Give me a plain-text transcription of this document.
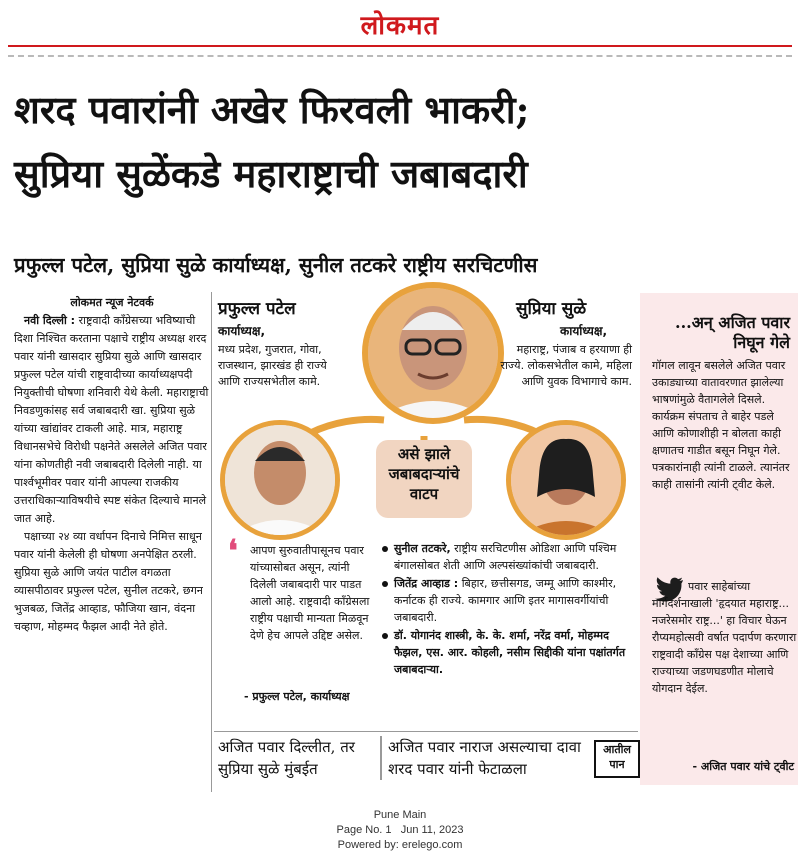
लोकमत
शरद पवारांनी अखेर फिरवली भाकरी;
सुप्रिया सुळेंकडे महाराष्ट्राची जबाबदारी
प्रफुल्ल पटेल, सुप्रिया सुळे कार्याध्यक्ष, सुनील तटकरे राष्ट्रीय सरचिटणीस
लोकमत न्यूज नेटवर्क

नवी दिल्ली : राष्ट्रवादी काँग्रेसच्या भविष्याची दिशा निश्चित करताना पक्षाचे राष्ट्रीय अध्यक्ष शरद पवार यांनी खासदार सुप्रिया सुळे आणि खासदार प्रफुल्ल पटेल यांची राष्ट्रवादीच्या कार्याध्यक्षपदी नियुक्तीची घोषणा शनिवारी येथे केली. महाराष्ट्राची निवडणुकांसह सर्व जबाबदारी खा. सुप्रिया सुळे यांच्या खांद्यांवर टाकली आहे. मात्र, महाराष्ट्र विधानसभेचे विरोधी पक्षनेते असलेले अजित पवार यांना कोणतीही नवी जबाबदारी दिलेली नाही. या पार्श्वभूमीवर पवार यांनी आपल्या राजकीय उत्तराधिकाऱ्याविषयीचे स्पष्ट संकेत दिल्याचे मानले जात आहे.

पक्षाच्या २४ व्या वर्धापन दिनाचे निमित्त साधून पवार यांनी केलेली ही घोषणा अनपेक्षित ठरली. सुप्रिया सुळे आणि जयंत पाटील वगळता व्यासपीठावर प्रफुल्ल पटेल, सुनील तटकरे, छगन भुजबळ, जितेंद्र आव्हाड, फौजिया खान, वंदना चव्हाण, मोहम्मद फैझल आदी नेते होते.

प्रफुल्ल पटेल
कार्याध्यक्ष,
मध्य प्रदेश, गुजरात, गोवा, राजस्थान, झारखंड ही राज्ये आणि राज्यसभेतील कामे.
सुप्रिया सुळे
कार्याध्यक्ष,
महाराष्ट्र, पंजाब व हरयाणा ही राज्ये. लोकसभेतील कामे, महिला आणि युवक विभागाचे काम.
असे झाले जबाबदाऱ्यांचे वाटप
❛ आपण सुरुवातीपासूनच पवार यांच्यासोबत असून, त्यांनी दिलेली जबाबदारी पार पाडत आलो आहे. राष्ट्रवादी काँग्रेसला राष्ट्रीय पक्षाची मान्यता मिळवून देणे हेच आपले उद्दिष्ट असेल.
- प्रफुल्ल पटेल, कार्याध्यक्ष
सुनील तटकरे, राष्ट्रीय सरचिटणीस ओडिशा आणि पश्चिम बंगालसोबत शेती आणि अल्पसंख्यांकांची जबाबदारी.
जितेंद्र आव्हाड : बिहार, छत्तीसगड, जम्मू आणि काश्मीर, कर्नाटक ही राज्ये. कामगार आणि इतर मागासवर्गीयांची जबाबदारी.
डॉ. योगानंद शास्त्री, के. के. शर्मा, नरेंद्र वर्मा, मोहम्मद फैझल, एस. आर. कोहली, नसीम सिद्दीकी यांना पक्षांतर्गत जबाबदाऱ्या.
अजित पवार दिल्लीत, तर सुप्रिया सुळे मुंबईत
अजित पवार नाराज असल्याचा दावा शरद पवार यांनी फेटाळला
आतील पान
...अन् अजित पवार निघून गेले
गॉगल लावून बसलेले अजित पवार उकाड्याच्या वातावरणात झालेल्या भाषणांमुळे वैतागलेले दिसले. कार्यक्रम संपताच ते बाहेर पडले आणि कोणाशीही न बोलता काही क्षणातच गाडीत बसून निघून गेले. पत्रकारांनाही त्यांनी टाळले. त्यानंतर काही तासांनी त्यांनी ट्वीट केले.
पवार साहेबांच्या मार्गदर्शनाखाली 'हृदयात महाराष्ट्र... नजरेसमोर राष्ट्र...' हा विचार घेऊन रौप्यमहोत्सवी वर्षात पदार्पण करणारा राष्ट्रवादी काँग्रेस पक्ष देशाच्या आणि राज्याच्या जडणघडणीत मोलाचे योगदान देईल.
- अजित पवार यांचे ट्वीट
Pune Main
Page No. 1   Jun 11, 2023
Powered by: erelego.com
